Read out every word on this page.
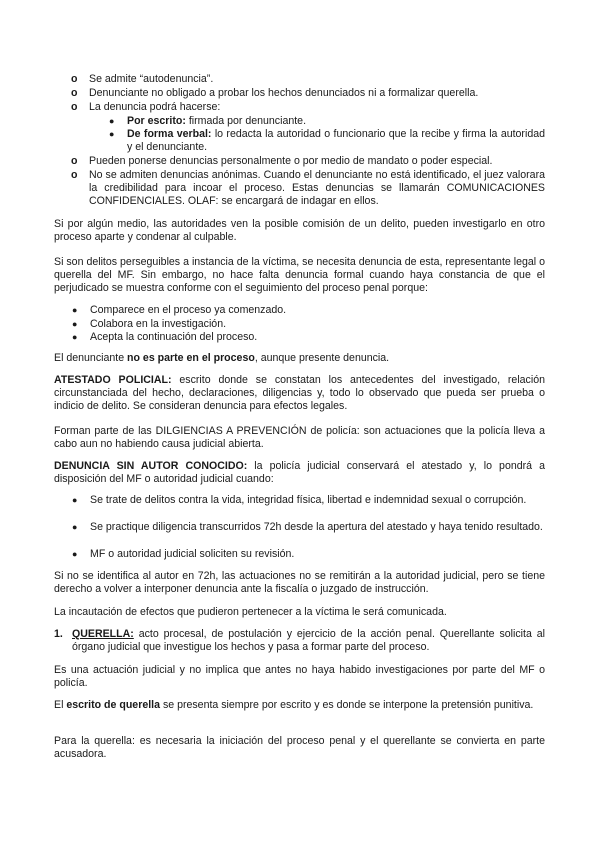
o Se admite “autodenuncia”.
o Denunciante no obligado a probar los hechos denunciados ni a formalizar querella.
o La denuncia podrá hacerse:
● Por escrito: firmada por denunciante.
● De forma verbal: lo redacta la autoridad o funcionario que la recibe y firma la autoridad y el denunciante.
o Pueden ponerse denuncias personalmente o por medio de mandato o poder especial.
o No se admiten denuncias anónimas. Cuando el denunciante no está identificado, el juez valorara la credibilidad para incoar el proceso. Estas denuncias se llamarán COMUNICACIONES CONFIDENCIALES. OLAF: se encargará de indagar en ellos.

Si por algún medio, las autoridades ven la posible comisión de un delito, pueden investigarlo en otro proceso aparte y condenar al culpable.

Si son delitos perseguibles a instancia de la víctima, se necesita denuncia de esta, representante legal o querella del MF. Sin embargo, no hace falta denuncia formal cuando haya constancia de que el perjudicado se muestra conforme con el seguimiento del proceso penal porque:

● Comparece en el proceso ya comenzado.
● Colabora en la investigación.
● Acepta la continuación del proceso.

El denunciante no es parte en el proceso, aunque presente denuncia.

ATESTADO POLICIAL: escrito donde se constatan los antecedentes del investigado, relación circunstanciada del hecho, declaraciones, diligencias y, todo lo observado que pueda ser prueba o indicio de delito. Se consideran denuncia para efectos legales.

Forman parte de las DILGIENCIAS A PREVENCIÓN de policía: son actuaciones que la policía lleva a cabo aun no habiendo causa judicial abierta.

DENUNCIA SIN AUTOR CONOCIDO: la policía judicial conservará el atestado y, lo pondrá a disposición del MF o autoridad judicial cuando:

● Se trate de delitos contra la vida, integridad física, libertad e indemnidad sexual o corrupción.
● Se practique diligencia transcurridos 72h desde la apertura del atestado y haya tenido resultado.
● MF o autoridad judicial soliciten su revisión.

Si no se identifica al autor en 72h, las actuaciones no se remitirán a la autoridad judicial, pero se tiene derecho a volver a interponer denuncia ante la fiscalía o juzgado de instrucción.

La incautación de efectos que pudieron pertenecer a la víctima le será comunicada.

1. QUERELLA: acto procesal, de postulación y ejercicio de la acción penal. Querellante solicita al órgano judicial que investigue los hechos y pasa a formar parte del proceso.

Es una actuación judicial y no implica que antes no haya habido investigaciones por parte del MF o policía.

El escrito de querella se presenta siempre por escrito y es donde se interpone la pretensión punitiva.

Para la querella: es necesaria la iniciación del proceso penal y el querellante se convierta en parte acusadora.
